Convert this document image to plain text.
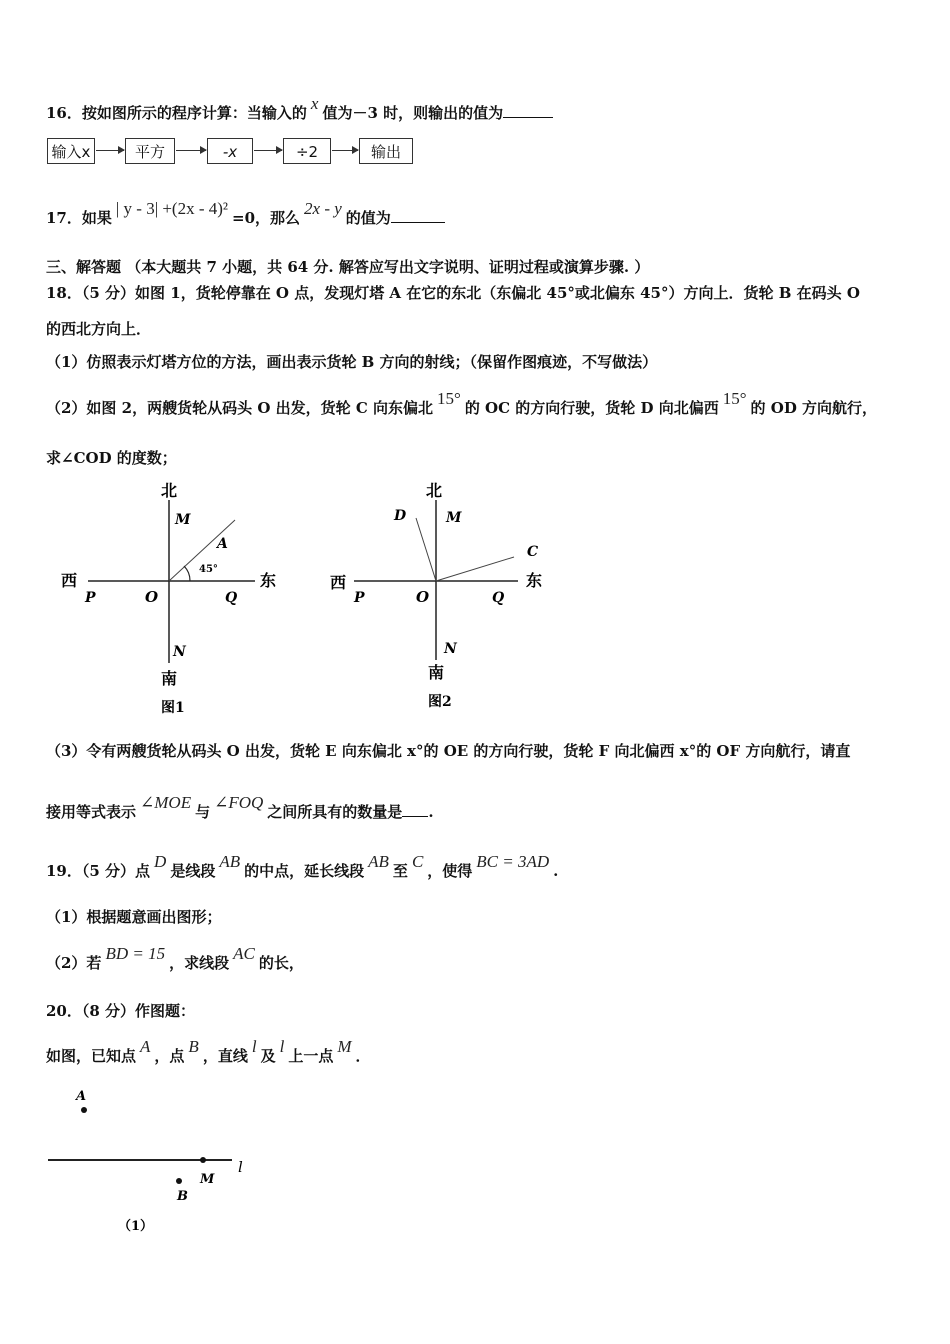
16．按如图所示的程序计算：当输入的 x 值为－3 时，则输出的值为
输入x	平方	-x	÷2	输出
17．如果 | y - 3| +(2x - 4)² =0，那么 2x - y 的值为
三、解答题 （本大题共 7 小题，共 64 分. 解答应写出文字说明、证明过程或演算步骤. ）
18．（5 分）如图 1，货轮停靠在 O 点，发现灯塔 A 在它的东北（东偏北 45°或北偏东 45°）方向上．货轮 B 在码头 O
的西北方向上．
（1）仿照表示灯塔方位的方法，画出表示货轮 B 方向的射线；（保留作图痕迹，不写做法）
（2）如图 2，两艘货轮从码头 O 出发，货轮 C 向东偏北 15° 的 OC 的方向行驶，货轮 D 向北偏西 15° 的 OD 方向航行，
求∠COD 的度数；
北
M
A
45°
西	东
P	O	Q
N
南
图1
北
D	M
C
西	东
P	O	Q
N
南
图2
（3）令有两艘货轮从码头 O 出发，货轮 E 向东偏北 x°的 OE 的方向行驶，货轮 F 向北偏西 x°的 OF 方向航行，请直
接用等式表示 ∠MOE 与 ∠FOQ 之间所具有的数量是 .
19．（5 分）点 D 是线段 AB 的中点，延长线段 AB 至 C ，使得 BC = 3AD .
（1）根据题意画出图形；
（2）若 BD = 15 ，求线段 AC 的长，
20．（8 分）作图题：
如图，已知点 A ，点 B ，直线 l 及 l 上一点 M ．
A
l
M
B
（1）
